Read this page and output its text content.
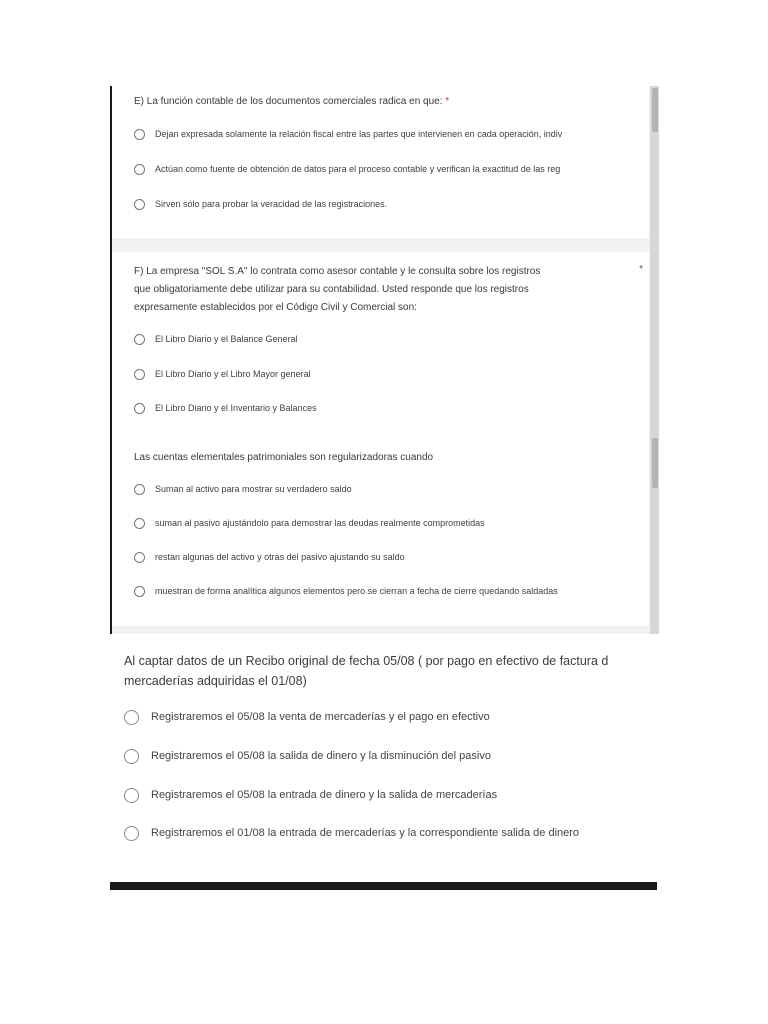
E) La función contable de los documentos comerciales radica en que: *
Dejan expresada solamente la relación fiscal entre las partes que intervienen en cada operación, indiv
Actúan como fuente de obtención de datos para el proceso contable y verifican la exactitud de las reg
Sirven sólo para probar la veracidad de las registraciones.
*
F) La empresa "SOL S.A" lo contrata como asesor contable y le consulta sobre los registros
que obligatoriamente debe utilizar para su contabilidad. Usted responde que los registros
expresamente establecidos por el Código Civil y Comercial son:
El Libro Diario y el Balance General
El Libro Diario y el Libro Mayor general
El Libro Diario y el Inventario y Balances
Las cuentas elementales patrimoniales son regularizadoras cuando
Suman al activo para mostrar su verdadero saldo
suman al pasivo ajustándolo para demostrar las deudas realmente comprometidas
restan algunas del activo y otras del pasivo ajustando su saldo
muestran de forma analítica algunos elementos pero se cierran a fecha de cierre quedando saldadas
Al captar datos de un Recibo original de fecha 05/08 ( por pago en efectivo de factura d
mercaderías adquiridas el 01/08)
Registraremos el 05/08 la venta de mercaderías y el pago en efectivo
Registraremos el 05/08 la salida de dinero y la disminución del pasivo
Registraremos el 05/08 la entrada de dinero y la salida de mercaderías
Registraremos el 01/08 la entrada de mercaderías y la correspondiente salida de dinero
